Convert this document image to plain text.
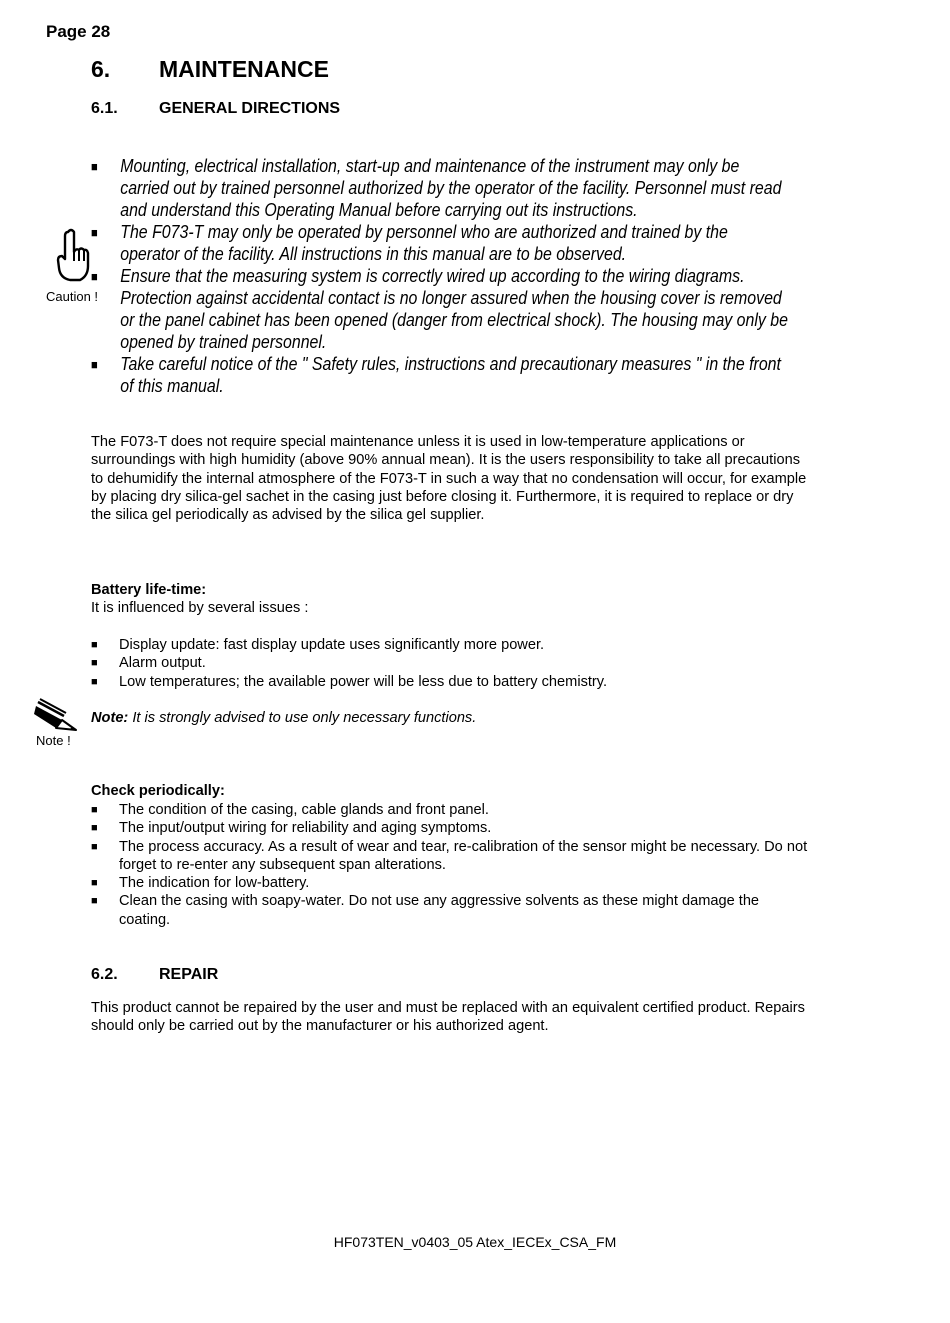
Page 28
6. MAINTENANCE
6.1.	GENERAL DIRECTIONS
Caution !
■ Mounting, electrical installation, start-up and maintenance of the instrument may only be carried out by trained personnel authorized by the operator of the facility. Personnel must read and understand this Operating Manual before carrying out its instructions.
■ The F073-T may only be operated by personnel who are authorized and trained by the operator of the facility. All instructions in this manual are to be observed.
■ Ensure that the measuring system is correctly wired up according to the wiring diagrams. Protection against accidental contact is no longer assured when the housing cover is removed or the panel cabinet has been opened (danger from electrical shock). The housing may only be opened by trained personnel.
■ Take careful notice of the " Safety rules, instructions and precautionary measures " in the front of this manual.
The F073-T does not require special maintenance unless it is used in low-temperature applications or surroundings with high humidity (above 90% annual mean). It is the users responsibility to take all precautions to dehumidify the internal atmosphere of the F073-T in such a way that no condensation will occur, for example by placing dry silica-gel sachet in the casing just before closing it. Furthermore, it is required to replace or dry the silica gel periodically as advised by the silica gel supplier.
Battery life-time:
It is influenced by several issues :
■ Display update: fast display update uses significantly more power.
■ Alarm output.
■ Low temperatures; the available power will be less due to battery chemistry.
Note !
Note: It is strongly advised to use only necessary functions.
Check periodically:
■ The condition of the casing, cable glands and front panel.
■ The input/output wiring for reliability and aging symptoms.
■ The process accuracy. As a result of wear and tear, re-calibration of the sensor might be necessary. Do not forget to re-enter any subsequent span alterations.
■ The indication for low-battery.
■ Clean the casing with soapy-water. Do not use any aggressive solvents as these might damage the coating.
6.2.	REPAIR
This product cannot be repaired by the user and must be replaced with an equivalent certified product. Repairs should only be carried out by the manufacturer or his authorized agent.
HF073TEN_v0403_05 Atex_IECEx_CSA_FM
